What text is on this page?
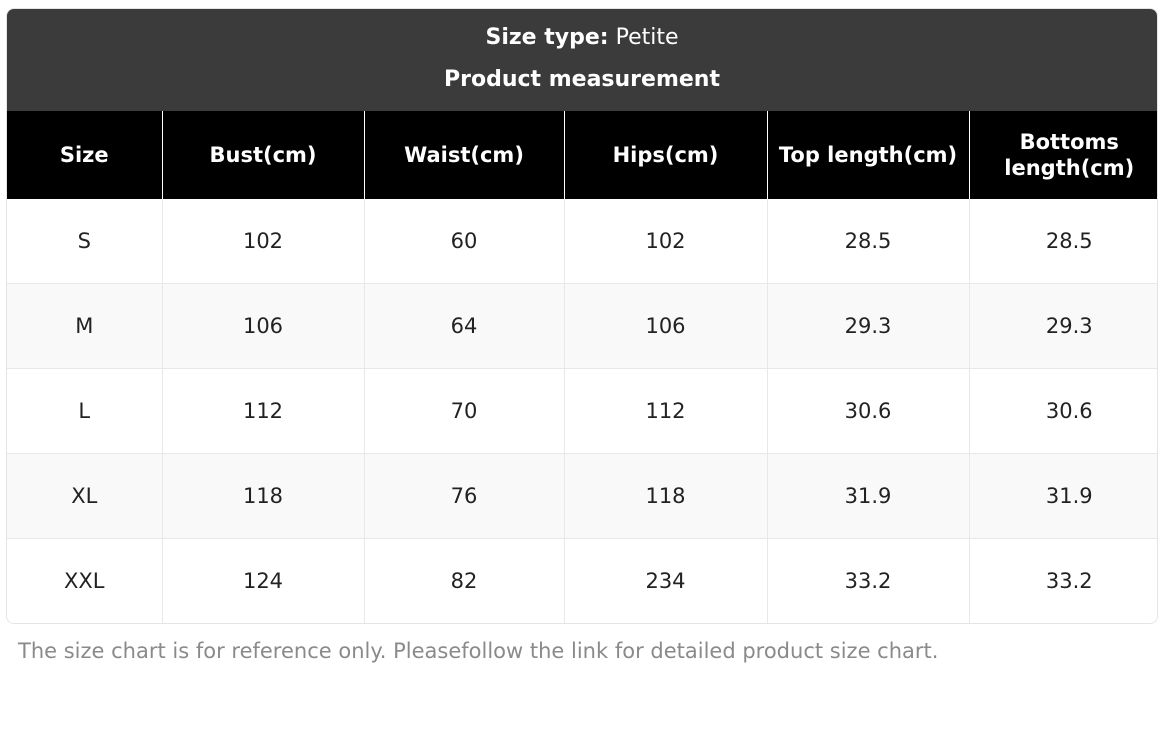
Size type: Petite
Product measurement
Size	Bust(cm)	Waist(cm)	Hips(cm)	Top length(cm)	Bottoms length(cm)
S	102	60	102	28.5	28.5
M	106	64	106	29.3	29.3
L	112	70	112	30.6	30.6
XL	118	76	118	31.9	31.9
XXL	124	82	234	33.2	33.2
The size chart is for reference only. Pleasefollow the link for detailed product size chart.
